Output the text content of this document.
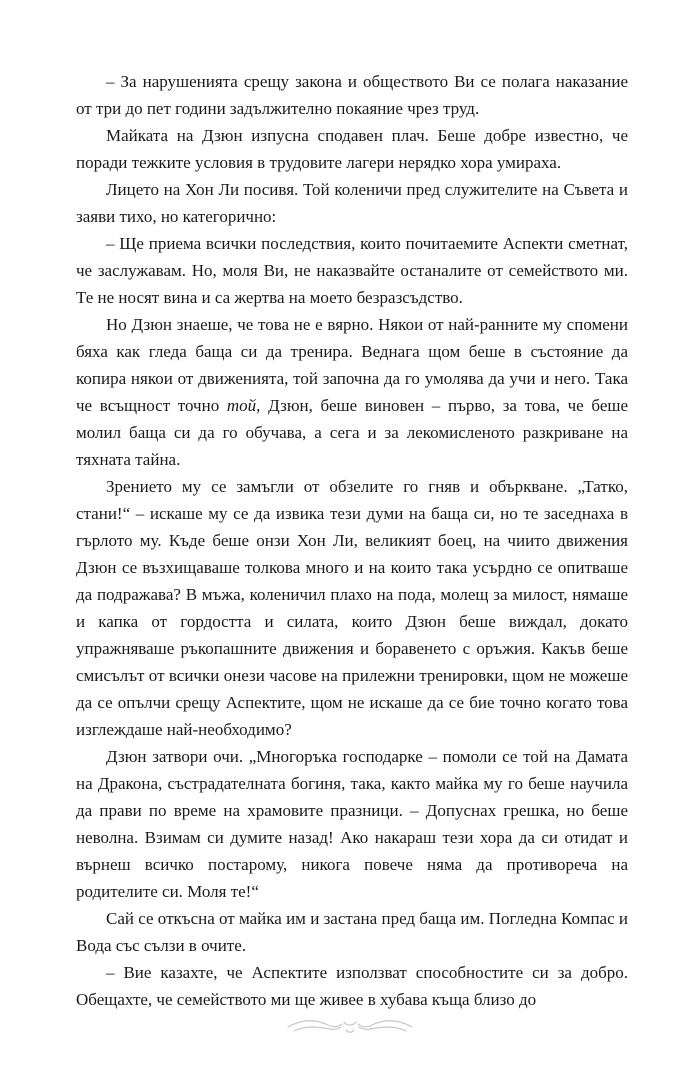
– За нарушенията срещу закона и обществото Ви се полага наказание от три до пет години задължително покаяние чрез труд.

Майката на Дзюн изпусна сподавен плач. Беше добре известно, че поради тежките условия в трудовите лагери нерядко хора умираха.

Лицето на Хон Ли посивя. Той коленичи пред служителите на Съвета и заяви тихо, но категорично:

– Ще приема всички последствия, които почитаемите Аспекти сметнат, че заслужавам. Но, моля Ви, не наказвайте останалите от семейството ми. Те не носят вина и са жертва на моето безразсъдство.

Но Дзюн знаеше, че това не е вярно. Някои от най-ранните му спомени бяха как гледа баща си да тренира. Веднага щом беше в състояние да копира някои от движенията, той започна да го умолява да учи и него. Така че всъщност точно той, Дзюн, беше виновен – първо, за това, че беше молил баща си да го обучава, а сега и за лекомисленото разкриване на тяхната тайна.

Зрението му се замъгли от обзелите го гняв и объркване. „Татко, стани!“ – искаше му се да извика тези думи на баща си, но те заседнаха в гърлото му. Къде беше онзи Хон Ли, великият боец, на чиито движения Дзюн се възхищаваше толкова много и на които така усърдно се опитваше да подражава? В мъжа, коленичил плахо на пода, молещ за милост, нямаше и капка от гордостта и силата, които Дзюн беше виждал, докато упражняваше ръкопашните движения и боравенето с оръжия. Какъв беше смисълът от всички онези часове на прилежни тренировки, щом не можеше да се опълчи срещу Аспектите, щом не искаше да се бие точно когато това изглеждаше най-необходимо?

Дзюн затвори очи. „Многоръка господарке – помоли се той на Дамата на Дракона, състрадателната богиня, така, както майка му го беше научила да прави по време на храмовите празници. – Допуснах грешка, но беше неволна. Взимам си думите назад! Ако накараш тези хора да си отидат и върнеш всичко постарому, никога повече няма да противореча на родителите си. Моля те!“

Сай се откъсна от майка им и застана пред баща им. Погледна Компас и Вода със сълзи в очите.

– Вие казахте, че Аспектите използват способностите си за добро. Обещахте, че семейството ми ще живее в хубава къща близо до
